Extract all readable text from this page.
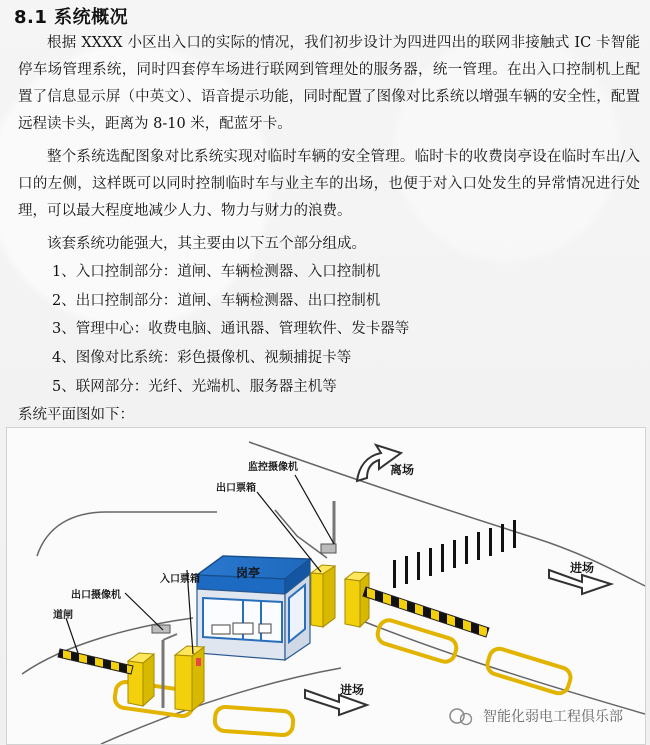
8.1 系统概况

根据 XXXX 小区出入口的实际的情况，我们初步设计为四进四出的联网非接触式 IC 卡智能停车场管理系统，同时四套停车场进行联网到管理处的服务器，统一管理。在出入口控制机上配置了信息显示屏（中英文）、语音提示功能，同时配置了图像对比系统以增强车辆的安全性，配置远程读卡头，距离为 8-10 米，配蓝牙卡。

整个系统选配图象对比系统实现对临时车辆的安全管理。临时卡的收费岗亭设在临时车出/入口的左侧，这样既可以同时控制临时车与业主车的出场，也便于对入口处发生的异常情况进行处理，可以最大程度地减少人力、物力与财力的浪费。

该套系统功能强大，其主要由以下五个部分组成。

1、入口控制部分：道闸、车辆检测器、入口控制机
2、出口控制部分：道闸、车辆检测器、出口控制机
3、管理中心：收费电脑、通讯器、管理软件、发卡器等
4、图像对比系统：彩色摄像机、视频捕捉卡等
5、联网部分：光纤、光端机、服务器主机等
系统平面图如下：
离场
进场
进场
岗亭
监控摄像机
出口票箱
入口票箱
出口摄像机
道闸
智能化弱电工程俱乐部
